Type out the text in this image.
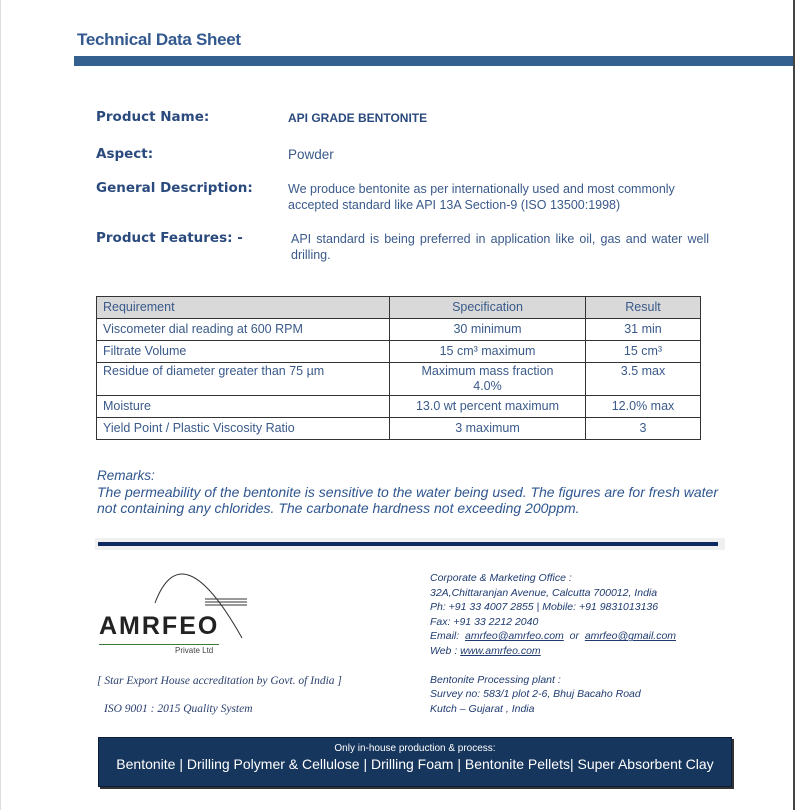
Technical Data Sheet
Product Name:	API GRADE BENTONITE
Aspect:	Powder
General Description:	We produce bentonite as per internationally used and most commonly accepted standard like API 13A Section-9 (ISO 13500:1998)
Product Features: -	API standard is being preferred in application like oil, gas and water well drilling.
Requirement	Specification	Result
Viscometer dial reading at 600 RPM	30 minimum	31 min
Filtrate Volume	15 cm³ maximum	15 cm³
Residue of diameter greater than 75 µm	Maximum mass fraction 4.0%	3.5 max
Moisture	13.0 wt percent maximum	12.0% max
Yield Point / Plastic Viscosity Ratio	3 maximum	3
Remarks:
The permeability of the bentonite is sensitive to the water being used. The figures are for fresh water not containing any chlorides. The carbonate hardness not exceeding 200ppm.
AMRFEO
Private Ltd
[ Star Export House accreditation by Govt. of India ]
ISO 9001 : 2015 Quality System
Corporate & Marketing Office :
32A,Chittaranjan Avenue, Calcutta 700012, India
Ph: +91 33 4007 2855 | Mobile: +91 9831013136
Fax: +91 33 2212 2040
Email: amrfeo@amrfeo.com or amrfeo@gmail.com
Web : www.amrfeo.com
Bentonite Processing plant :
Survey no: 583/1 plot 2-6, Bhuj Bacaho Road
Kutch – Gujarat , India
Only in-house production & process:
Bentonite | Drilling Polymer & Cellulose | Drilling Foam | Bentonite Pellets| Super Absorbent Clay
